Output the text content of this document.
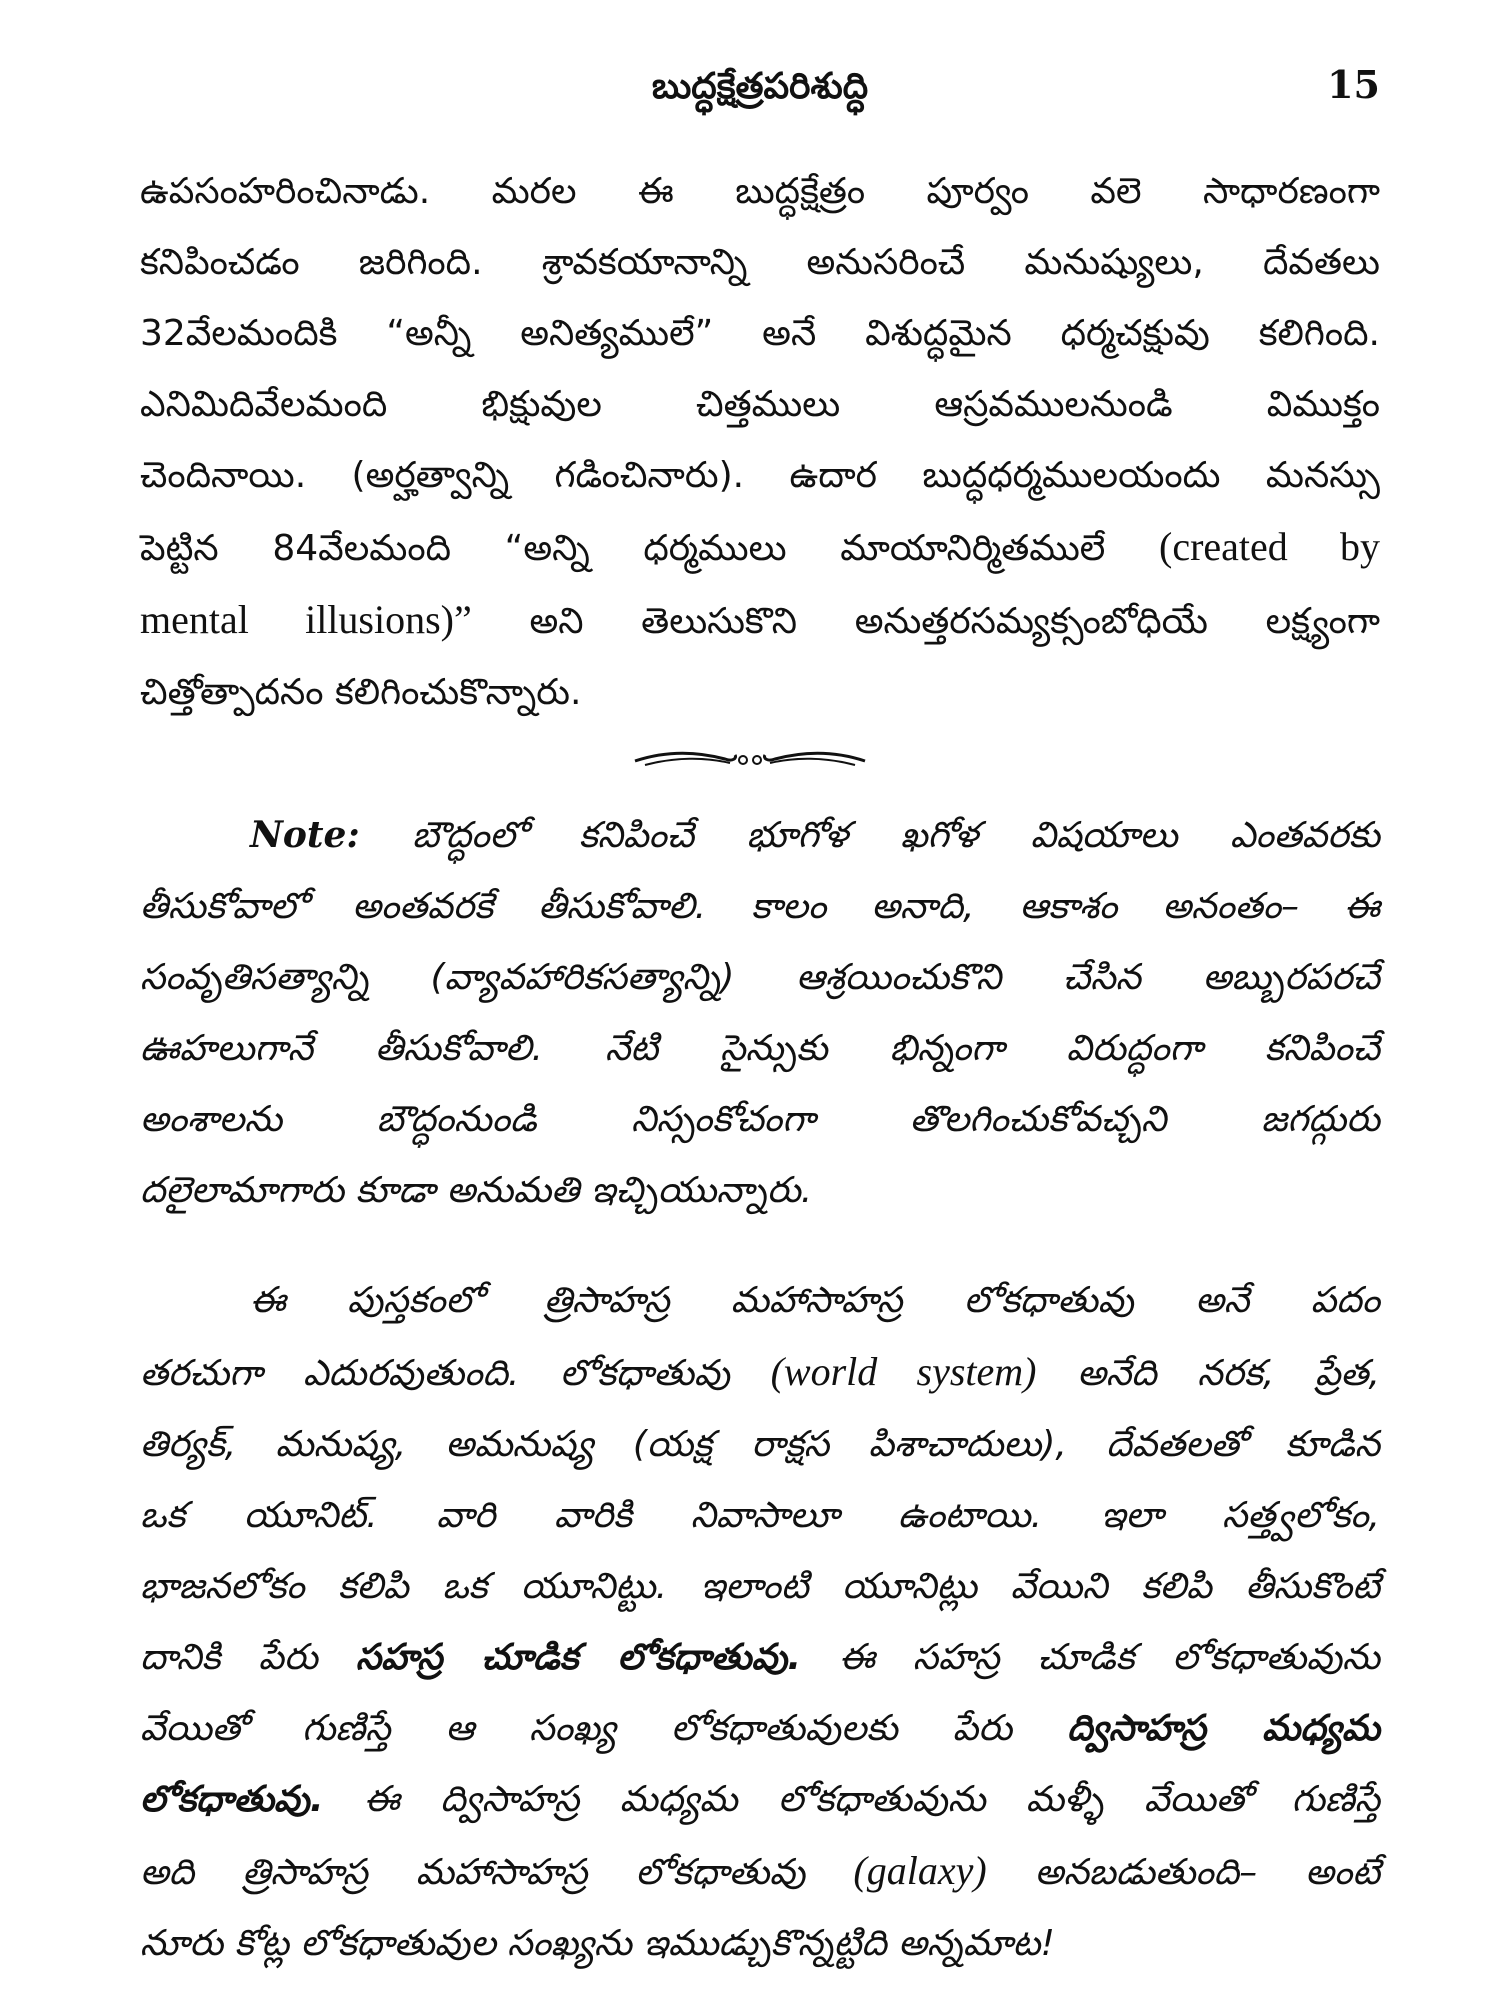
బుద్ధక్షేత్రపరిశుద్ధి	15
ఉపసంహరించినాడు. మరల ఈ బుద్ధక్షేత్రం పూర్వం వలె సాధారణంగా
కనిపించడం జరిగింది. శ్రావకయానాన్ని అనుసరించే మనుష్యులు, దేవతలు
32వేలమందికి “అన్నీ అనిత్యములే” అనే విశుద్ధమైన ధర్మచక్షువు కలిగింది.
ఎనిమిదివేలమంది భిక్షువుల చిత్తములు ఆస్రవములనుండి విముక్తం
చెందినాయి. (అర్హత్వాన్ని గడించినారు). ఉదార బుద్ధధర్మములయందు మనస్సు
పెట్టిన 84వేలమంది “అన్ని ధర్మములు మాయానిర్మితములే (created by
mental illusions)” అని తెలుసుకొని అనుత్తరసమ్యక్సంబోధియే లక్ష్యంగా
చిత్తోత్పాదనం కలిగించుకొన్నారు.
Note: బౌద్ధంలో కనిపించే భూగోళ ఖగోళ విషయాలు ఎంతవరకు
తీసుకోవాలో అంతవరకే తీసుకోవాలి. కాలం అనాది, ఆకాశం అనంతం– ఈ
సంవృతిసత్యాన్ని (వ్యావహారికసత్యాన్ని) ఆశ్రయించుకొని చేసిన అబ్బురపరచే
ఊహలుగానే తీసుకోవాలి. నేటి సైన్సుకు భిన్నంగా విరుద్ధంగా కనిపించే
అంశాలను బౌద్ధంనుండి నిస్సంకోచంగా తొలగించుకోవచ్చని జగద్గురు
దలైలామాగారు కూడా అనుమతి ఇచ్చియున్నారు.
ఈ పుస్తకంలో త్రిసాహస్ర మహాసాహస్ర లోకధాతువు అనే పదం
తరచుగా ఎదురవుతుంది. లోకధాతువు (world system) అనేది నరక, ప్రేత,
తిర్యక్, మనుష్య, అమనుష్య (యక్ష రాక్షస పిశాచాదులు), దేవతలతో కూడిన
ఒక యూనిట్. వారి వారికి నివాసాలూ ఉంటాయి. ఇలా సత్త్వలోకం,
భాజనలోకం కలిపి ఒక యూనిట్టు. ఇలాంటి యూనిట్లు వేయిని కలిపి తీసుకొంటే
దానికి పేరు సహస్ర చూడిక లోకధాతువు. ఈ సహస్ర చూడిక లోకధాతువును
వేయితో గుణిస్తే ఆ సంఖ్య లోకధాతువులకు పేరు ద్విసాహస్ర మధ్యమ
లోకధాతువు. ఈ ద్విసాహస్ర మధ్యమ లోకధాతువును మళ్ళీ వేయితో గుణిస్తే
అది త్రిసాహస్ర మహాసాహస్ర లోకధాతువు (galaxy) అనబడుతుంది– అంటే
నూరు కోట్ల లోకధాతువుల సంఖ్యను ఇముడ్చుకొన్నట్టిది అన్నమాట!
